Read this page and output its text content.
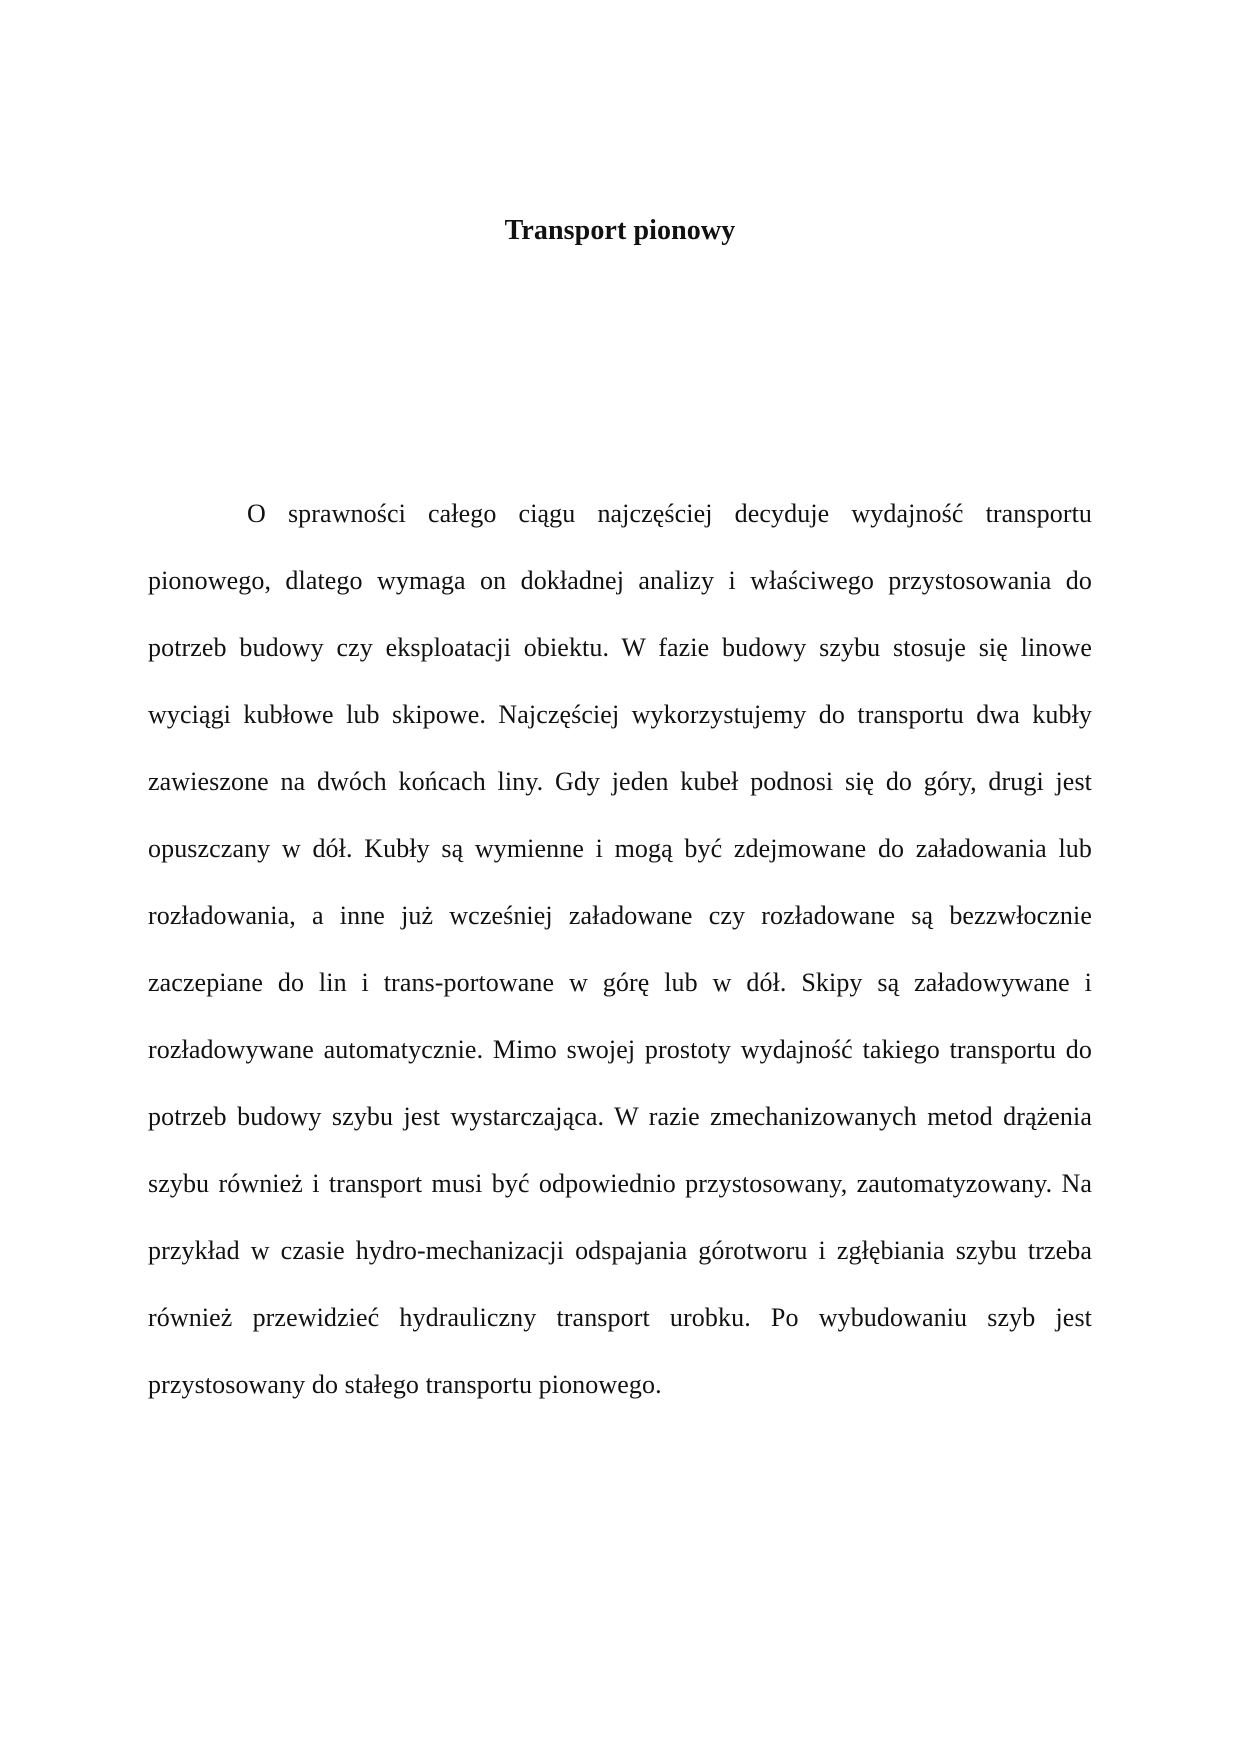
Transport pionowy

O sprawności całego ciągu najczęściej decyduje wydajność transportu pionowego, dlatego wymaga on dokładnej analizy i właściwego przystosowania do potrzeb budowy czy eksploatacji obiektu. W fazie budowy szybu stosuje się linowe wyciągi kubłowe lub skipowe. Najczęściej wykorzystujemy do transportu dwa kubły zawieszone na dwóch końcach liny. Gdy jeden kubeł podnosi się do góry, drugi jest opuszczany w dół. Kubły są wymienne i mogą być zdejmowane do załadowania lub rozładowania, a inne już wcześniej załadowane czy rozładowane są bezzwłocznie zaczepiane do lin i trans-portowane w górę lub w dół. Skipy są załadowywane i rozładowywane automatycznie. Mimo swojej prostoty wydajność takiego transportu do potrzeb budowy szybu jest wystarczająca. W razie zmechanizowanych metod drążenia szybu również i transport musi być odpowiednio przystosowany, zautomatyzowany. Na przykład w czasie hydro-mechanizacji odspajania górotworu i zgłębiania szybu trzeba również przewidzieć hydrauliczny transport urobku. Po wybudowaniu szyb jest przystosowany do stałego transportu pionowego.
